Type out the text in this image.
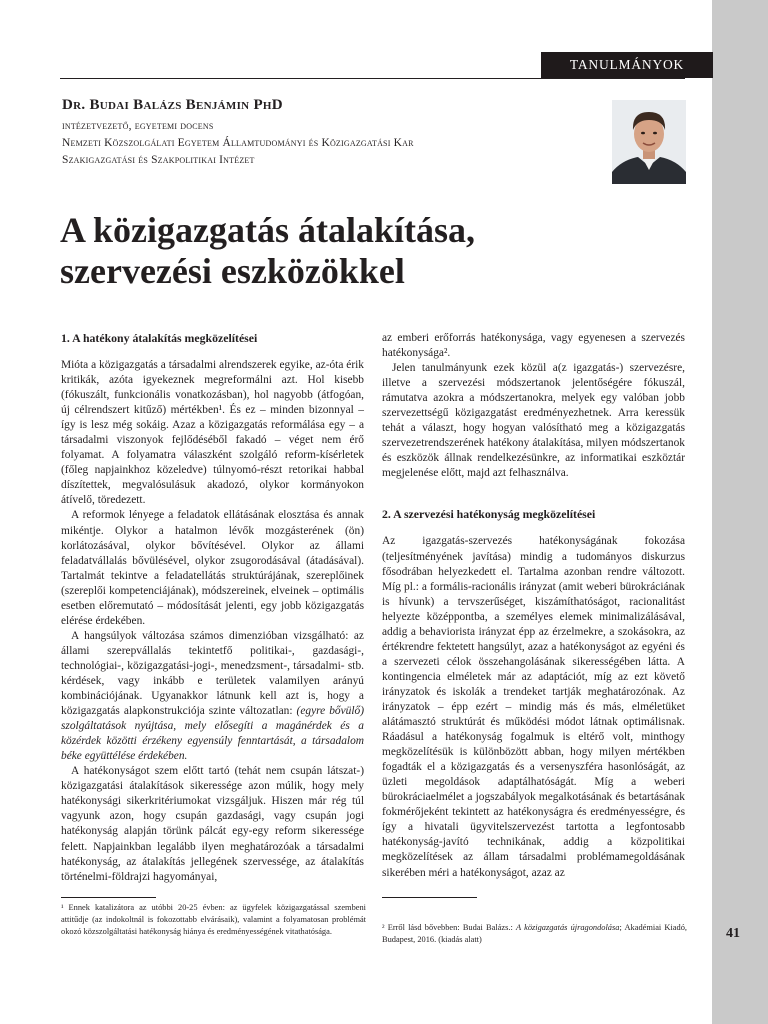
TANULMÁNYOK
Dr. Budai Balázs Benjámin PhD
intézetvezető, egyetemi docens
Nemzeti Közszolgálati Egyetem Államtudományi és Közigazgatási Kar
Szakigazgatási és Szakpolitikai Intézet
A közigazgatás átalakítása,
szervezési eszközökkel
1. A hatékony átalakítás megközelítései

Mióta a közigazgatás a társadalmi alrendszerek egyike, az-óta érik kritikák, azóta igyekeznek megreformálni azt. Hol kisebb (fókuszált, funkcionális vonatkozásban), hol nagyobb (átfogóan, új célrendszert kitűző) mértékben¹. És ez – minden bizonnyal – így is lesz még sokáig. Azaz a közigazgatás reformálása egy – a társadalmi viszonyok fejlődéséből fakadó – véget nem érő folyamat. A folyamatra válaszként szolgáló reform-kísérletek (főleg napjainkhoz közeledve) túlnyomó-részt retorikai habbal díszítettek, megvalósulásuk akadozó, olykor kormányokon átívelő, töredezett.

A reformok lényege a feladatok ellátásának elosztása és annak mikéntje. Olykor a hatalmon lévők mozgásterének (ön) korlátozásával, olykor bővítésével. Olykor az állami feladatvállalás bővülésével, olykor zsugorodásával (átadásával). Tartalmát tekintve a feladatellátás struktúrájának, szereplőinek (szereplői kompetenciájának), módszereinek, elveinek – optimális esetben előremutató – módosítását jelenti, egy jobb közigazgatás elérése érdekében.

A hangsúlyok változása számos dimenzióban vizsgálható: az állami szerepvállalás tekintetfő politikai-, gazdasági-, technológiai-, közigazgatási-jogi-, menedzsment-, társadalmi- stb. kérdések, vagy inkább e területek valamilyen arányú kombinációjának. Ugyanakkor látnunk kell azt is, hogy a közigazgatás alapkonstrukciója szinte változatlan: (egyre bővülő) szolgáltatások nyújtása, mely elősegíti a magánérdek és a közérdek közötti érzékeny egyensúly fenntartását, a társadalom béke együttélése érdekében.

A hatékonyságot szem előtt tartó (tehát nem csupán látszat-) közigazgatási átalakítások sikeressége azon múlik, hogy mely hatékonysági sikerkritériumokat vizsgáljuk. Hiszen már rég túl vagyunk azon, hogy csupán gazdasági, vagy csupán jogi hatékonyság alapján törünk pálcát egy-egy reform sikeressége felett. Napjainkban legalább ilyen meghatározóak a társadalmi hatékonyság, az átalakítás jellegének szervessége, az átalakítás történelmi-földrajzi hagyományai,

az emberi erőforrás hatékonysága, vagy egyenesen a szervezés hatékonysága².

Jelen tanulmányunk ezek közül a(z igazgatás-) szervezésre, illetve a szervezési módszertanok jelentőségére fókuszál, rámutatva azokra a módszertanokra, melyek egy valóban jobb szervezettségű közigazgatást eredményezhetnek. Arra keressük tehát a választ, hogy hogyan valósítható meg a közigazgatás szervezetrendszerének hatékony átalakítása, milyen módszertanok és eszközök állnak rendelkezésünkre, az informatikai eszköztár megjelenése előtt, majd azt felhasználva.

2. A szervezési hatékonyság megközelítései

Az igazgatás-szervezés hatékonyságának fokozása (teljesítményének javítása) mindig a tudományos diskurzus fősodrában helyezkedett el. Tartalma azonban rendre változott. Míg pl.: a formális-racionális irányzat (amit weberi bürokráciának is hívunk) a tervszerűséget, kiszámíthatóságot, racionalitást helyezte középpontba, a személyes elemek minimalizálásával, addig a behaviorista irányzat épp az érzelmekre, a szokásokra, az értékrendre fektetett hangsúlyt, azaz a hatékonyságot az egyéni és a szervezeti célok összehangolásának sikerességében látta. A kontingencia elméletek már az adaptációt, míg az ezt követő irányzatok és iskolák a trendeket tartják meghatározónak. Az irányzatok – épp ezért – mindig más és más, elméletüket alátámasztó struktúrát és működési módot látnak optimálisnak. Ráadásul a hatékonyság fogalmuk is eltérő volt, minthogy megközelítésük is különbözött abban, hogy milyen mértékben fogadták el a közigazgatás és a versenyszféra hasonlóságát, az üzleti megoldások adaptálhatóságát. Míg a weberi bürokráciaelmélet a jogszabályok megalkotásának és betartásának fokmérőjeként tekintett az hatékonyságra és eredményességre, és így a hivatali ügyvitelszervezést tartotta a legfontosabb hatékonyság-javító technikának, addig a közpolitikai megközelítések az állam társadalmi problémamegoldásának sikerében méri a hatékonyságot, azaz az

¹ Ennek katalizátora az utóbbi 20-25 évben: az ügyfelek közigazgatással szembeni attitűdje (az indokoltnál is fokozottabb elvárásaik), valamint a folyamatosan problémát okozó közszolgáltatási hatékonyság hiánya és eredményességének vitathatósága.	² Erről lásd bővebben: Budai Balázs.: A közigazgatás újragondolása; Akadémiai Kiadó, Budapest, 2016. (kiadás alatt)	41
